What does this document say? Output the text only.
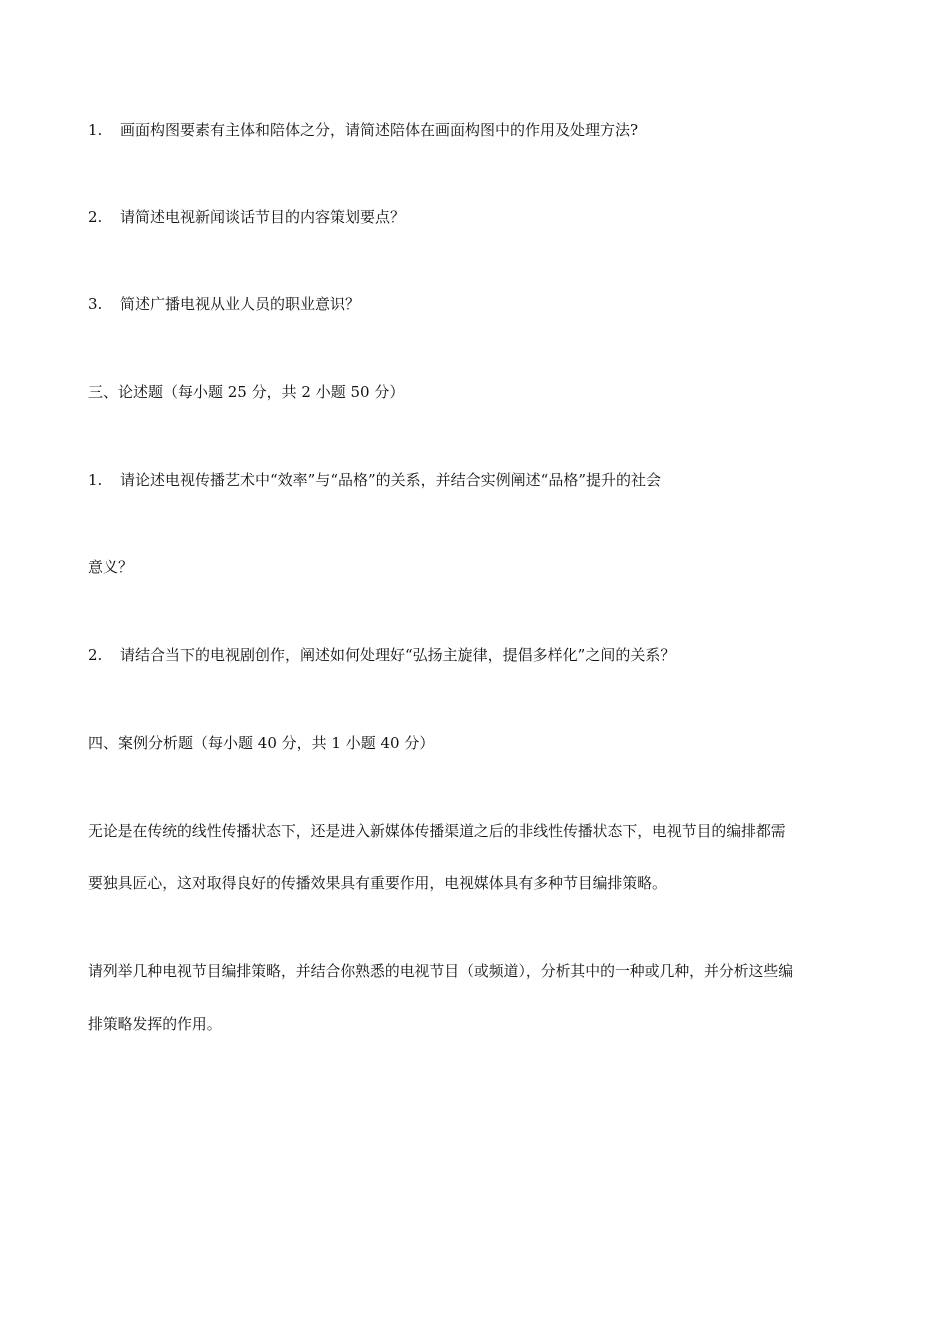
1. 画面构图要素有主体和陪体之分，请简述陪体在画面构图中的作用及处理方法?
2. 请简述电视新闻谈话节目的内容策划要点？
3. 简述广播电视从业人员的职业意识？
三、论述题（每小题 25 分，共 2 小题 50 分）
1. 请论述电视传播艺术中“效率”与“品格”的关系，并结合实例阐述“品格”提升的社会
意义？
2. 请结合当下的电视剧创作，阐述如何处理好“弘扬主旋律，提倡多样化”之间的关系？
四、案例分析题（每小题 40 分，共 1 小题 40 分）
无论是在传统的线性传播状态下，还是进入新媒体传播渠道之后的非线性传播状态下，电视节目的编排都需
要独具匠心，这对取得良好的传播效果具有重要作用，电视媒体具有多种节目编排策略。
请列举几种电视节目编排策略，并结合你熟悉的电视节目（或频道），分析其中的一种或几种，并分析这些编
排策略发挥的作用。
